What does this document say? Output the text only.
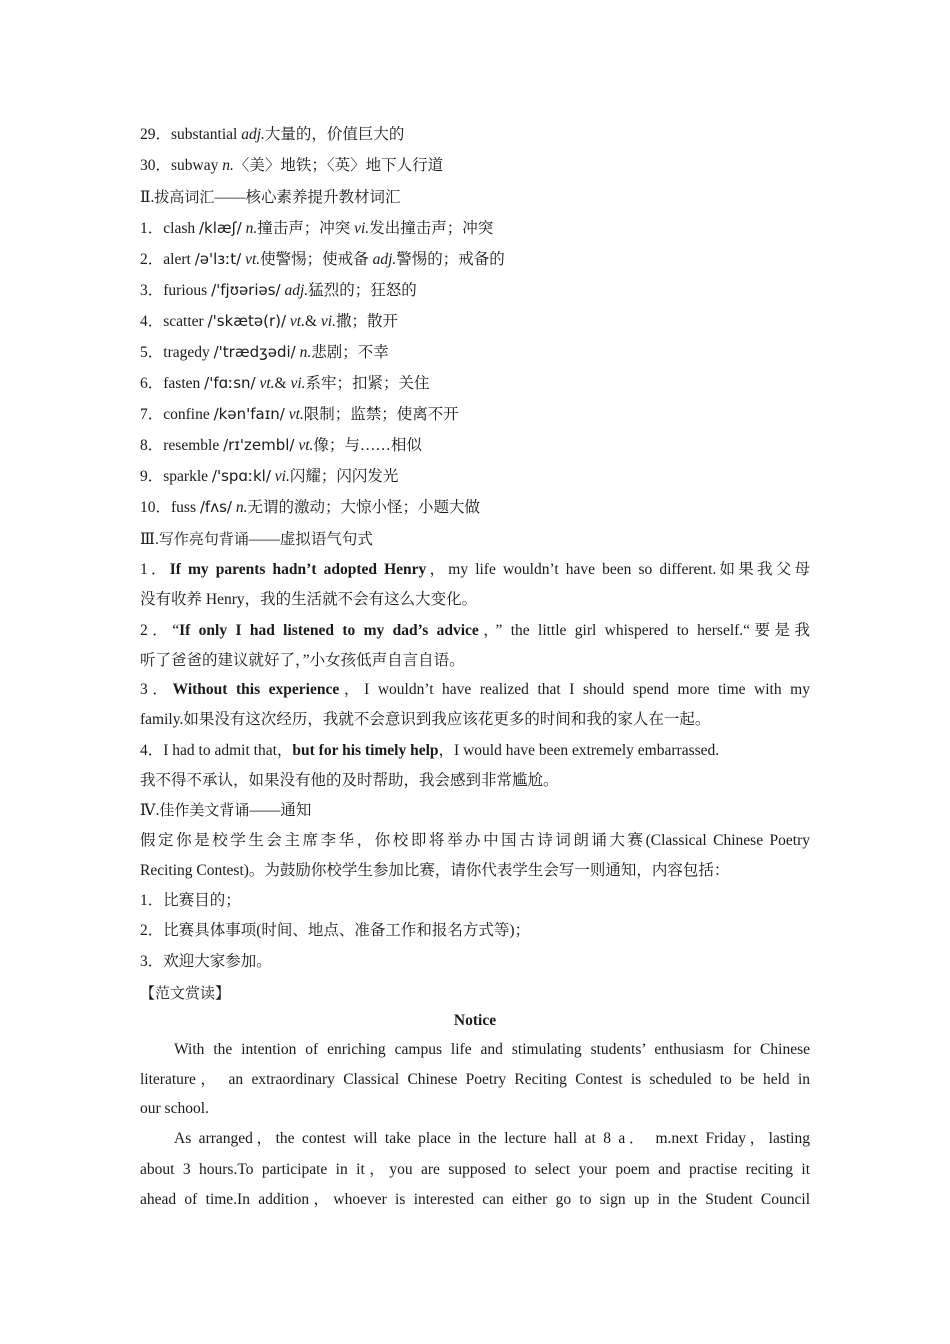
29．substantial adj.大量的，价值巨大的
30．subway n.〈美〉地铁；〈英〉地下人行道
Ⅱ.拔高词汇——核心素养提升教材词汇
1．clash /klæʃ/ n.撞击声；冲突 vi.发出撞击声；冲突
2．alert /ə'lɜːt/ vt.使警惕；使戒备 adj.警惕的；戒备的
3．furious /'fjʊəriəs/ adj.猛烈的；狂怒的
4．scatter /'skætə(r)/ vt.& vi.撒；散开
5．tragedy /'trædʒədi/ n.悲剧；不幸
6．fasten /'fɑːsn/ vt.& vi.系牢；扣紧；关住
7．confine /kən'faɪn/ vt.限制；监禁；使离不开
8．resemble /rɪ'zembl/ vt.像；与……相似
9．sparkle /'spɑːkl/ vi.闪耀；闪闪发光
10．fuss /fʌs/ n.无谓的激动；大惊小怪；小题大做
Ⅲ.写作亮句背诵——虚拟语气句式
1．If my parents hadn’t adopted Henry，my life wouldn’t have been so different.如果我父母
没有收养 Henry，我的生活就不会有这么大变化。
2．“If only I had listened to my dad’s advice，” the little girl whispered to herself.“要是我
听了爸爸的建议就好了，”小女孩低声自言自语。
3．Without this experience，I wouldn’t have realized that I should spend more time with my
family.如果没有这次经历，我就不会意识到我应该花更多的时间和我的家人在一起。
4．I had to admit that，but for his timely help，I would have been extremely embarrassed.
我不得不承认，如果没有他的及时帮助，我会感到非常尴尬。
Ⅳ.佳作美文背诵——通知
假定你是校学生会主席李华，你校即将举办中国古诗词朗诵大赛(Classical Chinese Poetry
Reciting Contest)。为鼓励你校学生参加比赛，请你代表学生会写一则通知，内容包括：
1．比赛目的；
2．比赛具体事项(时间、地点、准备工作和报名方式等)；
3．欢迎大家参加。
【范文赏读】
Notice
With the intention of enriching campus life and stimulating students’ enthusiasm for Chinese
literature， an extraordinary Classical Chinese Poetry Reciting Contest is scheduled to be held in
our school.
As arranged，the contest will take place in the lecture hall at 8 a． m.next Friday，lasting
about 3 hours.To participate in it，you are supposed to select your poem and practise reciting it
ahead of time.In addition，whoever is interested can either go to sign up in the Student Council
